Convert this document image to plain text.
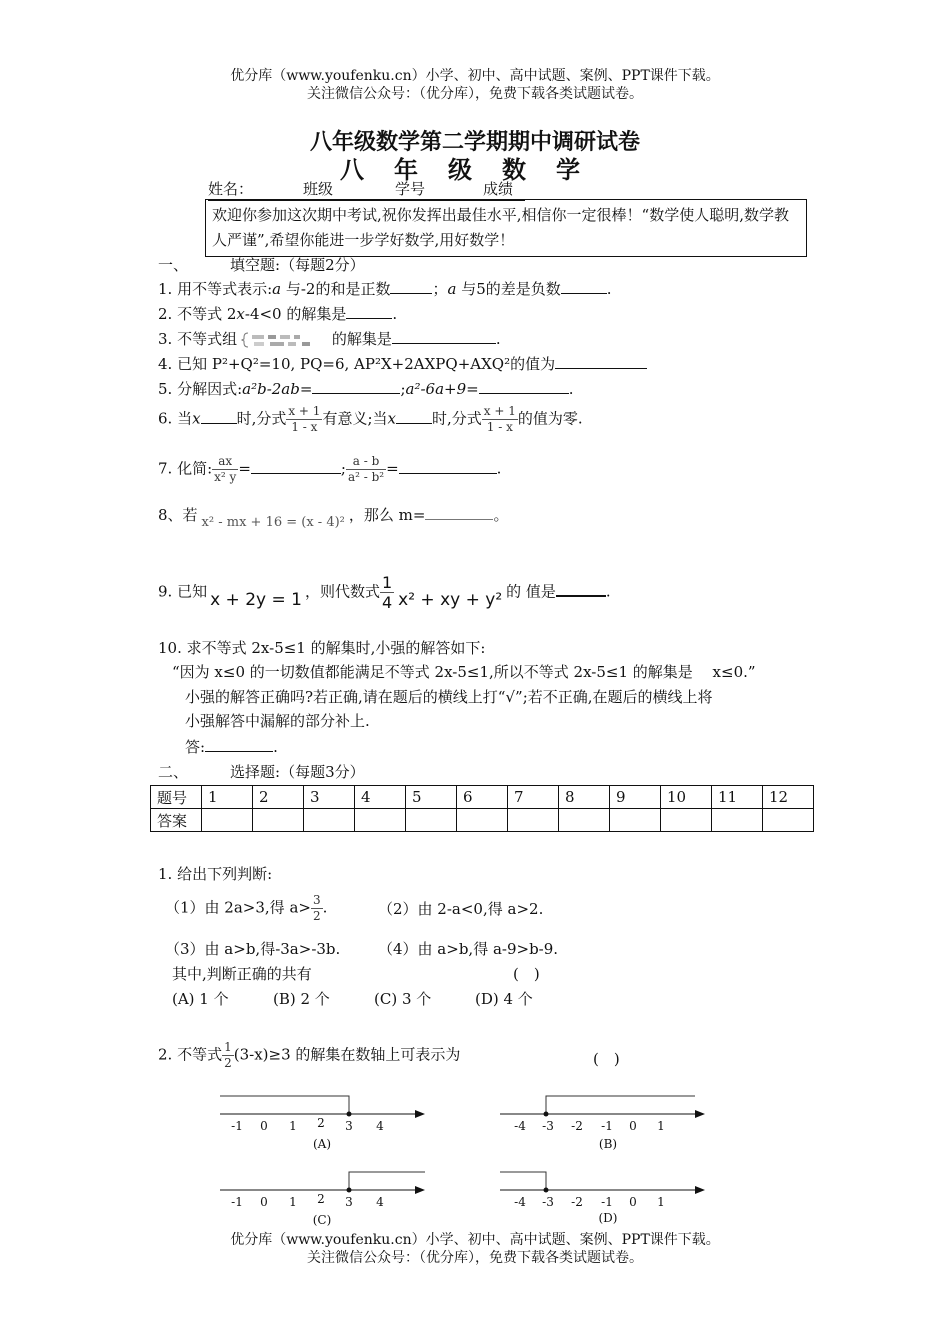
优分库（www.youfenku.cn）小学、初中、高中试题、案例、PPT课件下载。
关注微信公众号：（优分库），免费下载各类试题试卷。
八年级数学第二学期期中调研试卷
八年级数学
姓名：	班级	学号	成绩
欢迎你参加这次期中考试,祝你发挥出最佳水平,相信你一定很棒！“数学使人聪明,数学教人严谨”,希望你能进一步学好数学,用好数学！
一、	填空题:（每题2分）
1. 用不等式表示:a 与-2的和是正数	；a 与5的差是负数	.
2. 不等式 2x-4<0 的解集是	.
3. 不等式组	的解集是	.
4. 已知 P²+Q²=10, PQ=6, AP²X+2AXPQ+AXQ²的值为
5. 分解因式:a²b-2ab=	;a²-6a+9=	.
6. 当x 时,分式 $\frac{x + 1}{1 - x}$ 有意义;当x 时,分式 $\frac{x + 1}{1 - x}$ 的值为零.
7. 化简: $\frac{ax}{\text{x² y}}$ =	; $\frac{a - b}{\text{a² - b²}}$ =	.
8、若 x² - mx + 16 = (x - 4)² ，那么 m=	。
9. 已知 x + 2y = 1 ，则代数式 $\frac{1}{4} x^2$ + xy + y² 的 值是	.
10. 求不等式 2x-5≤1 的解集时,小强的解答如下:
“因为 x≤0 的一切数值都能满足不等式 2x-5≤1,所以不等式 2x-5≤1 的解集是　 x≤0.”
小强的解答正确吗?若正确,请在题后的横线上打“√”;若不正确,在题后的横线上将
小强解答中漏解的部分补上.
答:	.
二、	选择题:（每题3分）
题号	1	2	3	4	5	6	7	8	9	10	11	12
答案												
1. 给出下列判断:
（1）由 2a>3,得 $a> \frac{3}{2}$ .	（2）由 2-a<0,得 a>2.
（3）由 a>b,得-3a>-3b.	（4）由 a>b,得 a-9>b-9.
其中,判断正确的共有	(　)
(A) 1 个	(B) 2 个	(C) 3 个	(D) 4 个
2. 不等式 $\frac{1}{2} (3-x)\ge 3$ 的解集在数轴上可表示为	(　)
-1 0 1 2 3 4
(A)
-4 -3 -2 -1 0 1
(B)
-1 0 1 2 3 4
(C)
-4 -3 -2 -1 0 1
(D)
优分库（www.youfenku.cn）小学、初中、高中试题、案例、PPT课件下载。
关注微信公众号：（优分库），免费下载各类试题试卷。
